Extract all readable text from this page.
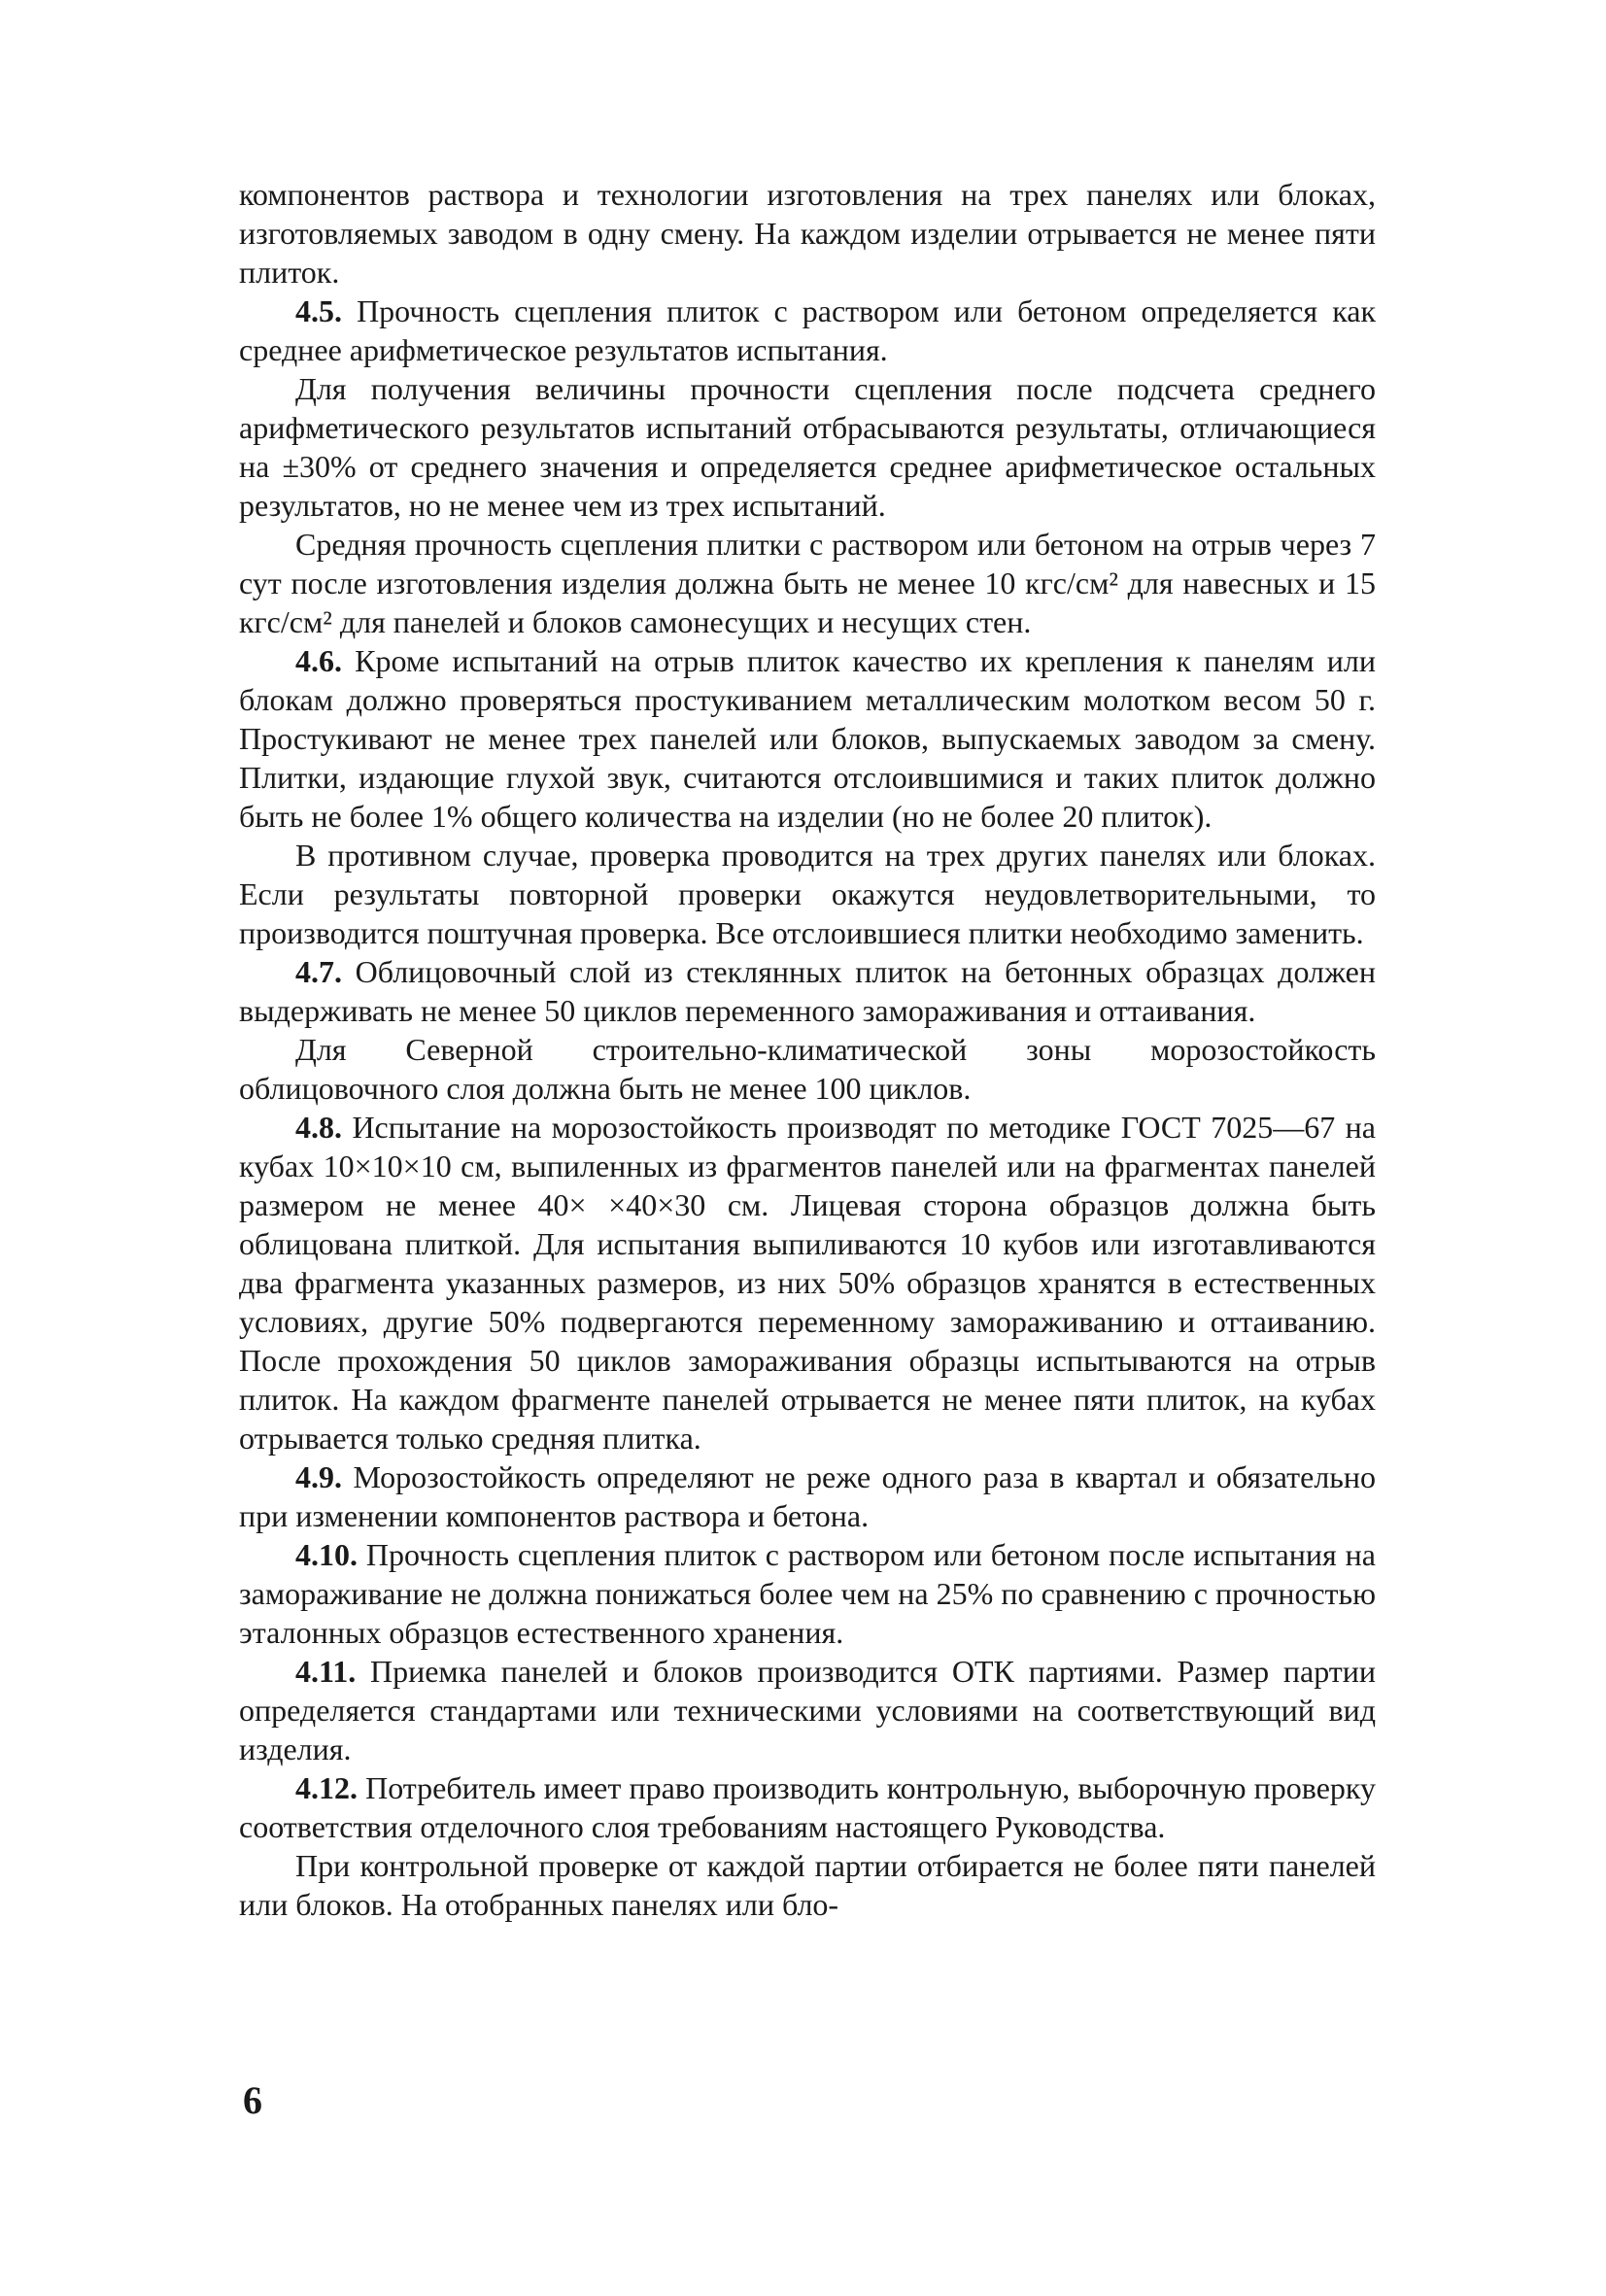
компонентов раствора и технологии изготовления на трех панелях или блоках, изготовляемых заводом в одну смену. На каждом изделии отрывается не менее пяти плиток.

4.5. Прочность сцепления плиток с раствором или бетоном определяется как среднее арифметическое результатов испытания.

Для получения величины прочности сцепления после подсчета среднего арифметического результатов испытаний отбрасываются результаты, отличающиеся на ±30% от среднего значения и определяется среднее арифметическое остальных результатов, но не менее чем из трех испытаний.

Средняя прочность сцепления плитки с раствором или бетоном на отрыв через 7 сут после изготовления изделия должна быть не менее 10 кгс/см² для навесных и 15 кгс/см² для панелей и блоков самонесущих и несущих стен.

4.6. Кроме испытаний на отрыв плиток качество их крепления к панелям или блокам должно проверяться простукиванием металлическим молотком весом 50 г. Простукивают не менее трех панелей или блоков, выпускаемых заводом за смену. Плитки, издающие глухой звук, считаются отслоившимися и таких плиток должно быть не более 1% общего количества на изделии (но не более 20 плиток).

В противном случае, проверка проводится на трех других панелях или блоках. Если результаты повторной проверки окажутся неудовлетворительными, то производится поштучная проверка. Все отслоившиеся плитки необходимо заменить.

4.7. Облицовочный слой из стеклянных плиток на бетонных образцах должен выдерживать не менее 50 циклов переменного замораживания и оттаивания.

Для Северной строительно-климатической зоны морозостойкость облицовочного слоя должна быть не менее 100 циклов.

4.8. Испытание на морозостойкость производят по методике ГОСТ 7025—67 на кубах 10×10×10 см, выпиленных из фрагментов панелей или на фрагментах панелей размером не менее 40× ×40×30 см. Лицевая сторона образцов должна быть облицована плиткой. Для испытания выпиливаются 10 кубов или изготавливаются два фрагмента указанных размеров, из них 50% образцов хранятся в естественных условиях, другие 50% подвергаются переменному замораживанию и оттаиванию. После прохождения 50 циклов замораживания образцы испытываются на отрыв плиток. На каждом фрагменте панелей отрывается не менее пяти плиток, на кубах отрывается только средняя плитка.

4.9. Морозостойкость определяют не реже одного раза в квартал и обязательно при изменении компонентов раствора и бетона.

4.10. Прочность сцепления плиток с раствором или бетоном после испытания на замораживание не должна понижаться более чем на 25% по сравнению с прочностью эталонных образцов естественного хранения.

4.11. Приемка панелей и блоков производится ОТК партиями. Размер партии определяется стандартами или техническими условиями на соответствующий вид изделия.

4.12. Потребитель имеет право производить контрольную, выборочную проверку соответствия отделочного слоя требованиям настоящего Руководства.

При контрольной проверке от каждой партии отбирается не более пяти панелей или блоков. На отобранных панелях или бло-

6
